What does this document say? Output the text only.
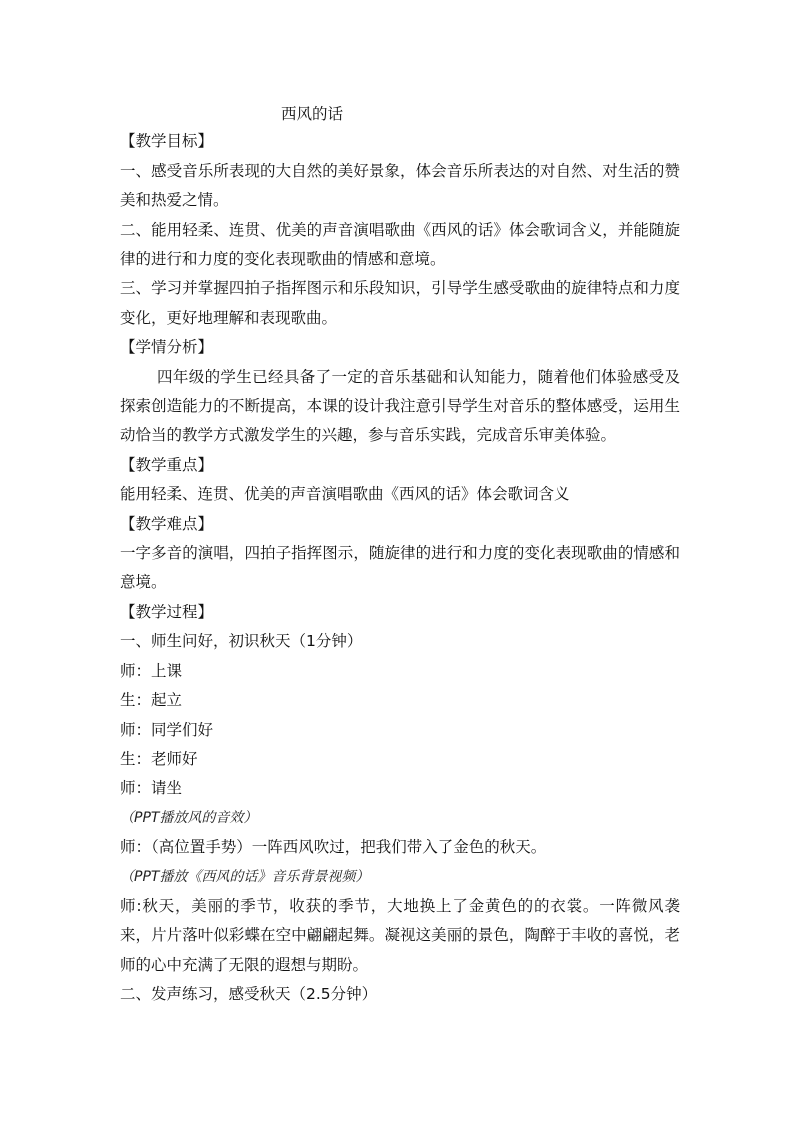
西风的话

【教学目标】

一、感受音乐所表现的大自然的美好景象，体会音乐所表达的对自然、对生活的赞美和热爱之情。

二、能用轻柔、连贯、优美的声音演唱歌曲《西风的话》体会歌词含义，并能随旋律的进行和力度的变化表现歌曲的情感和意境。

三、学习并掌握四拍子指挥图示和乐段知识，引导学生感受歌曲的旋律特点和力度变化，更好地理解和表现歌曲。

【学情分析】

四年级的学生已经具备了一定的音乐基础和认知能力，随着他们体验感受及探索创造能力的不断提高，本课的设计我注意引导学生对音乐的整体感受，运用生动恰当的教学方式激发学生的兴趣，参与音乐实践，完成音乐审美体验。

【教学重点】

能用轻柔、连贯、优美的声音演唱歌曲《西风的话》体会歌词含义

【教学难点】

一字多音的演唱，四拍子指挥图示，随旋律的进行和力度的变化表现歌曲的情感和意境。

【教学过程】

一、师生问好，初识秋天（1分钟）

师：上课

生：起立

师：同学们好

生：老师好

师：请坐

（PPT播放风的音效）

师：（高位置手势）一阵西风吹过，把我们带入了金色的秋天。

（PPT播放《西风的话》音乐背景视频）

师:秋天，美丽的季节，收获的季节，大地换上了金黄色的的衣裳。一阵微风袭来，片片落叶似彩蝶在空中翩翩起舞。凝视这美丽的景色，陶醉于丰收的喜悦，老师的心中充满了无限的遐想与期盼。

二、发声练习，感受秋天（2.5分钟）
